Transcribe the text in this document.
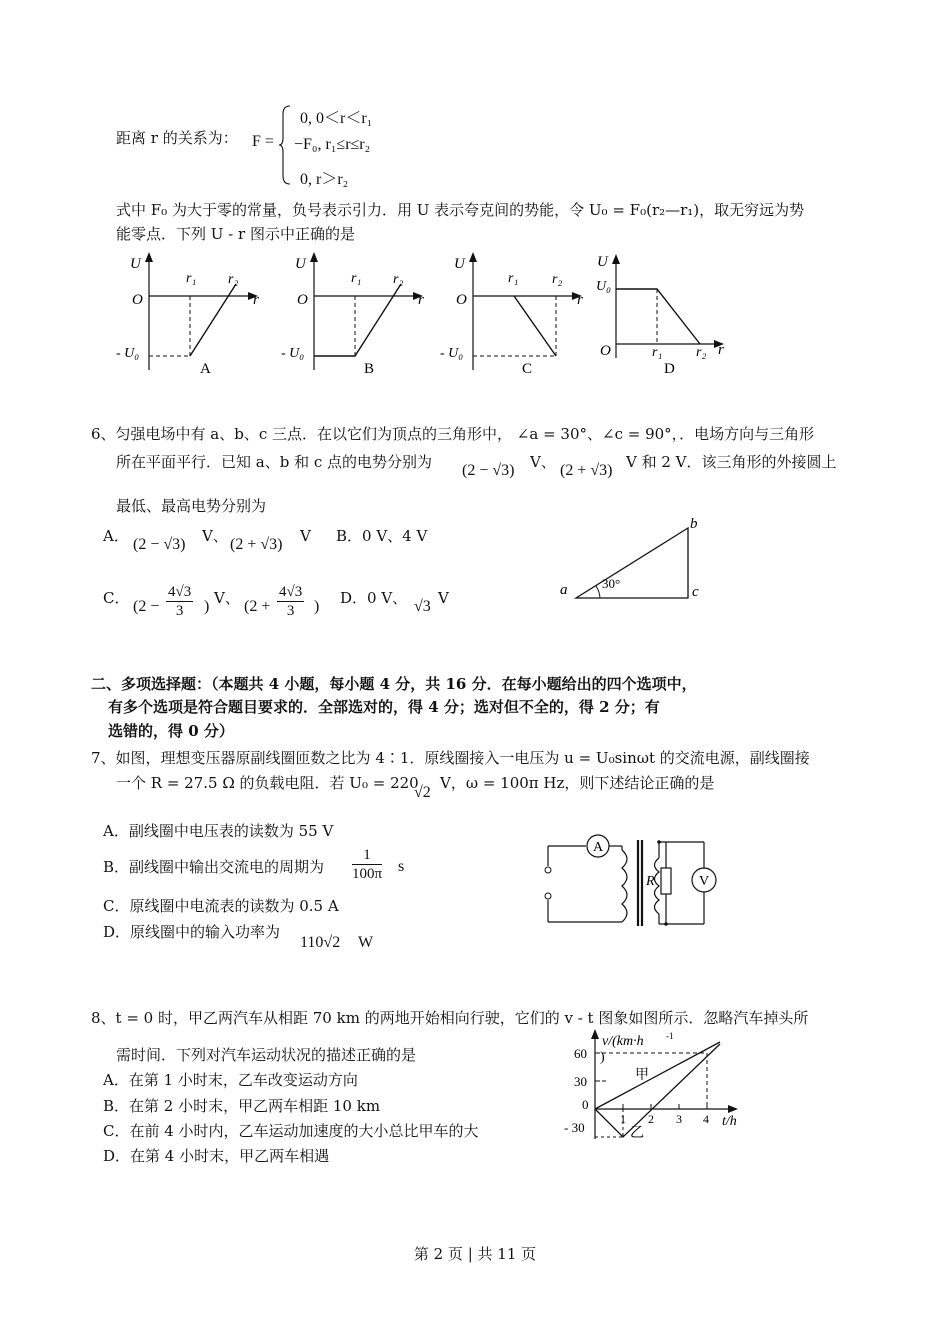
距离 r 的关系为： F =
0, 0＜r＜r₁
−F₀, r₁≤r≤r₂
0, r＞r₂
式中 F₀ 为大于零的常量，负号表示引力．用 U 表示夸克间的势能，令 U₀ = F₀(r₂—r₁)，取无穷远为势
能零点．下列 U - r 图示中正确的是
U
O	r
r₁ r₂
- U₀
A
U
O	r
r₁ r₂
- U₀
B
U
O	r
r₁ r₂
- U₀
C
U
U₀
O	r₁ r₂ r
D
6、匀强电场中有 a、b、c 三点．在以它们为顶点的三角形中， ∠a = 30°、∠c = 90°，．电场方向与三角形
所在平面平行．已知 a、b 和 c 点的电势分别为 (2 − √3) V、 (2 + √3) V 和 2 V．该三角形的外接圆上
最低、最高电势分别为
A． (2 − √3) V、 (2 + √3) V B．0 V、4 V
C． ($2 - \frac{4√3}{3}$ ) V、 ($2 + \frac{4√3}{3}$ ) D．0 V、 √3 V	a
b
c
30°
二、多项选择题：（本题共 4 小题，每小题 4 分，共 16 分．在每小题给出的四个选项中，
有多个选项是符合题目要求的．全部选对的，得 4 分；选对但不全的，得 2 分；有
选错的，得 0 分）
7、如图，理想变压器原副线圈匝数之比为 4∶1．原线圈接入一电压为 u = U₀sinωt 的交流电源，副线圈接
一个 R = 27.5 Ω 的负载电阻．若 U₀ = 220
√2
V，ω = 100π Hz，则下述结论正确的是
A．副线圈中电压表的读数为 55 V
B．副线圈中输出交流电的周期为 $\frac{1}{100\pi}$ s
C．原线圈中电流表的读数为 0.5 A
D．原线圈中的输入功率为
110√2 W
A
R	V
8、t = 0 时，甲乙两汽车从相距 70 km 的两地开始相向行驶，它们的 v - t 图象如图所示．忽略汽车掉头所
需时间．下列对汽车运动状况的描述正确的是
A．在第 1 小时末，乙车改变运动方向
B．在第 2 小时末，甲乙两车相距 10 km
C．在前 4 小时内，乙车运动加速度的大小总比甲车的大
D．在第 4 小时末，甲乙两车相遇
v/(km·h -1
)
60
30
0
- 30
1 2 3 4 t/h
甲
乙
第 2 页 | 共 11 页
